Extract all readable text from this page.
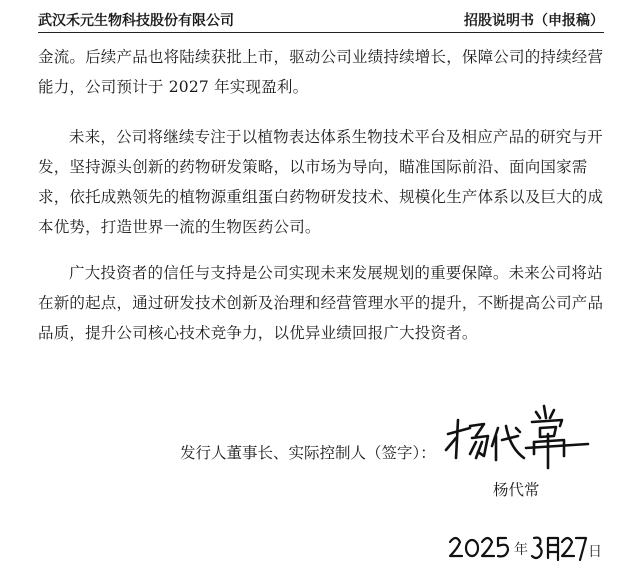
武汉禾元生物科技股份有限公司	招股说明书（申报稿）

金流。后续产品也将陆续获批上市，驱动公司业绩持续增长，保障公司的持续经营能力，公司预计于 2027 年实现盈利。

未来，公司将继续专注于以植物表达体系生物技术平台及相应产品的研究与开发，坚持源头创新的药物研发策略，以市场为导向，瞄准国际前沿、面向国家需求，依托成熟领先的植物源重组蛋白药物研发技术、规模化生产体系以及巨大的成本优势，打造世界一流的生物医药公司。

广大投资者的信任与支持是公司实现未来发展规划的重要保障。未来公司将站在新的起点，通过研发技术创新及治理和经营管理水平的提升，不断提高公司产品品质，提升公司核心技术竞争力，以优异业绩回报广大投资者。

发行人董事长、实际控制人（签字）：
杨代常
年	日
